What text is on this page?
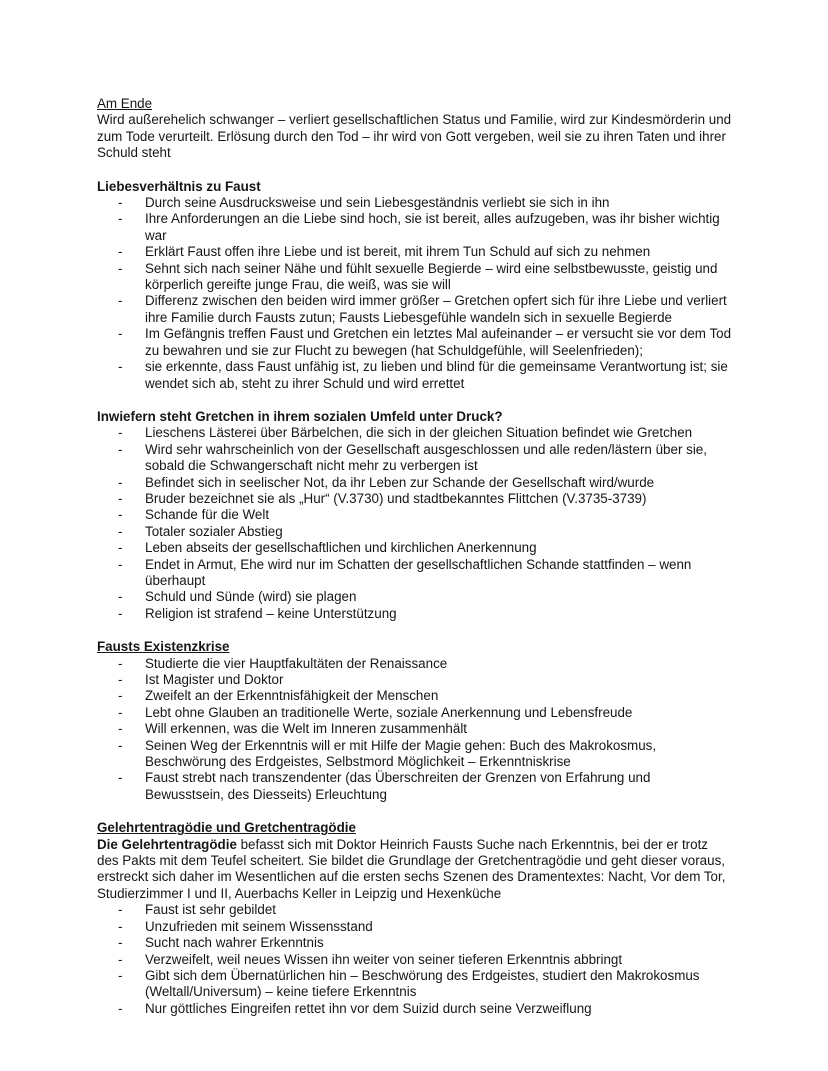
Am Ende

Wird außerehelich schwanger – verliert gesellschaftlichen Status und Familie, wird zur Kindesmörderin und zum Tode verurteilt. Erlösung durch den Tod – ihr wird von Gott vergeben, weil sie zu ihren Taten und ihrer Schuld steht

Liebesverhältnis zu Faust
-	Durch seine Ausdrucksweise und sein Liebesgeständnis verliebt sie sich in ihn
-	Ihre Anforderungen an die Liebe sind hoch, sie ist bereit, alles aufzugeben, was ihr bisher wichtig war
-	Erklärt Faust offen ihre Liebe und ist bereit, mit ihrem Tun Schuld auf sich zu nehmen
-	Sehnt sich nach seiner Nähe und fühlt sexuelle Begierde – wird eine selbstbewusste, geistig und körperlich gereifte junge Frau, die weiß, was sie will
-	Differenz zwischen den beiden wird immer größer – Gretchen opfert sich für ihre Liebe und verliert ihre Familie durch Fausts zutun; Fausts Liebesgefühle wandeln sich in sexuelle Begierde
-	Im Gefängnis treffen Faust und Gretchen ein letztes Mal aufeinander – er versucht sie vor dem Tod zu bewahren und sie zur Flucht zu bewegen (hat Schuldgefühle, will Seelenfrieden);
-	sie erkennte, dass Faust unfähig ist, zu lieben und blind für die gemeinsame Verantwortung ist; sie wendet sich ab, steht zu ihrer Schuld und wird errettet
Inwiefern steht Gretchen in ihrem sozialen Umfeld unter Druck?
-	Lieschens Lästerei über Bärbelchen, die sich in der gleichen Situation befindet wie Gretchen
-	Wird sehr wahrscheinlich von der Gesellschaft ausgeschlossen und alle reden/lästern über sie, sobald die Schwangerschaft nicht mehr zu verbergen ist
-	Befindet sich in seelischer Not, da ihr Leben zur Schande der Gesellschaft wird/wurde
-	Bruder bezeichnet sie als „Hur“ (V.3730) und stadtbekanntes Flittchen (V.3735-3739)
-	Schande für die Welt
-	Totaler sozialer Abstieg
-	Leben abseits der gesellschaftlichen und kirchlichen Anerkennung
-	Endet in Armut, Ehe wird nur im Schatten der gesellschaftlichen Schande stattfinden – wenn überhaupt
-	Schuld und Sünde (wird) sie plagen
-	Religion ist strafend – keine Unterstützung
Fausts Existenzkrise
-	Studierte die vier Hauptfakultäten der Renaissance
-	Ist Magister und Doktor
-	Zweifelt an der Erkenntnisfähigkeit der Menschen
-	Lebt ohne Glauben an traditionelle Werte, soziale Anerkennung und Lebensfreude
-	Will erkennen, was die Welt im Inneren zusammenhält
-	Seinen Weg der Erkenntnis will er mit Hilfe der Magie gehen: Buch des Makrokosmus, Beschwörung des Erdgeistes, Selbstmord Möglichkeit – Erkenntniskrise
-	Faust strebt nach transzendenter (das Überschreiten der Grenzen von Erfahrung und Bewusstsein, des Diesseits) Erleuchtung
Gelehrtentragödie und Gretchentragödie

Die Gelehrtentragödie befasst sich mit Doktor Heinrich Fausts Suche nach Erkenntnis, bei der er trotz des Pakts mit dem Teufel scheitert. Sie bildet die Grundlage der Gretchentragödie und geht dieser voraus, erstreckt sich daher im Wesentlichen auf die ersten sechs Szenen des Dramentextes: Nacht, Vor dem Tor, Studierzimmer I und II, Auerbachs Keller in Leipzig und Hexenküche

-	Faust ist sehr gebildet
-	Unzufrieden mit seinem Wissensstand
-	Sucht nach wahrer Erkenntnis
-	Verzweifelt, weil neues Wissen ihn weiter von seiner tieferen Erkenntnis abbringt
-	Gibt sich dem Übernatürlichen hin – Beschwörung des Erdgeistes, studiert den Makrokosmus (Weltall/Universum) – keine tiefere Erkenntnis
-	Nur göttliches Eingreifen rettet ihn vor dem Suizid durch seine Verzweiflung
